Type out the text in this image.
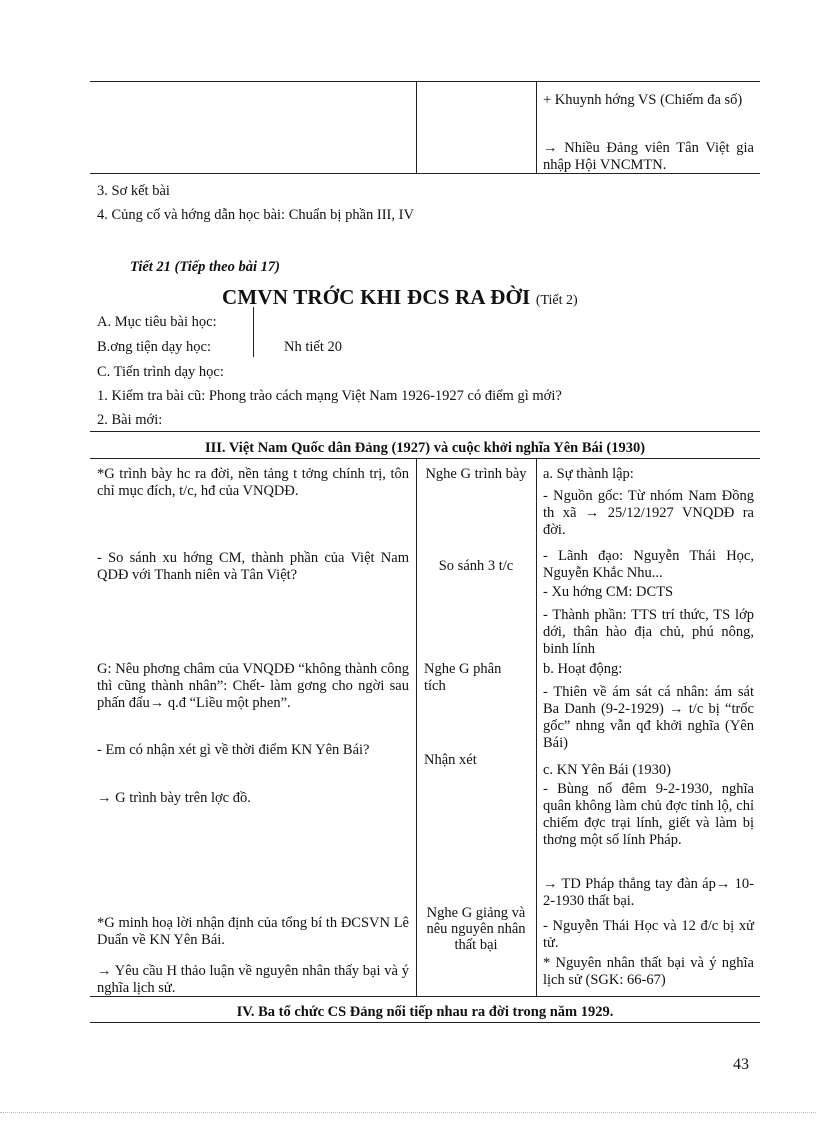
+ Khuynh hớng VS (Chiếm đa số)
→ Nhiều Đảng viên Tân Việt gia nhập Hội VNCMTN.
3. Sơ kết bài
4. Củng cố và hớng dẫn học bài: Chuẩn bị phần III, IV
Tiết 21 (Tiếp theo bài 17)
CMVN TRỚC KHI ĐCS RA ĐỜI (Tiết 2)
A. Mục tiêu bài học:
B.ơng tiện dạy học:	Nh tiết 20
C. Tiến trình dạy học:
1. Kiểm tra bài cũ: Phong trào cách mạng Việt Nam 1926-1927 có điểm gì mới?
2. Bài mới:
III. Việt Nam Quốc dân Đảng (1927) và cuộc khởi nghĩa Yên Bái (1930)
*G trình bày hc ra đời, nền tảng t tởng chính trị, tôn chỉ mục đích, t/c, hđ của VNQDĐ.
- So sánh xu hớng CM, thành phần của Việt Nam QDĐ với Thanh niên và Tân Việt?
G: Nêu phơng châm của VNQDĐ “không thành công thì cũng thành nhân”: Chết- làm gơng cho ngời sau phấn đấu→ q.đ “Liều một phen”.
- Em có nhận xét gì về thời điểm KN Yên Bái?
→ G trình bày trên lợc đồ.
*G minh hoạ lời nhận định của tổng bí th ĐCSVN Lê Duẩn về KN Yên Bái.
→ Yêu cầu H thảo luận về nguyên nhân thấy bại và ý nghĩa lịch sử.
Nghe G trình bày
So sánh 3 t/c
Nghe G phân tích
Nhận xét
Nghe G giảng và nêu nguyên nhân thất bại
a. Sự thành lập:
- Nguồn gốc: Từ nhóm Nam Đồng th xã → 25/12/1927 VNQDĐ ra đời.
- Lãnh đạo: Nguyễn Thái Học, Nguyễn Khắc Nhu...
- Xu hớng CM: DCTS
- Thành phần: TTS trí thức, TS lớp dới, thân hào địa chủ, phú nông, binh lính
b. Hoạt động:
- Thiên về ám sát cá nhân: ám sát Ba Danh (9-2-1929) → t/c bị “trốc gốc” nhng vẫn qđ khởi nghĩa (Yên Bái)
c. KN Yên Bái (1930)
- Bùng nổ đêm 9-2-1930, nghĩa quân không làm chủ đợc tỉnh lộ, chỉ chiếm đợc trại lính, giết và làm bị thơng một số lính Pháp.
→ TD Pháp thẳng tay đàn áp→ 10-2-1930 thất bại.
- Nguyễn Thái Học và 12 đ/c bị xử tử.
* Nguyên nhân thất bại và ý nghĩa lịch sử (SGK: 66-67)
IV. Ba tổ chức CS Đảng nối tiếp nhau ra đời trong năm 1929.
43
